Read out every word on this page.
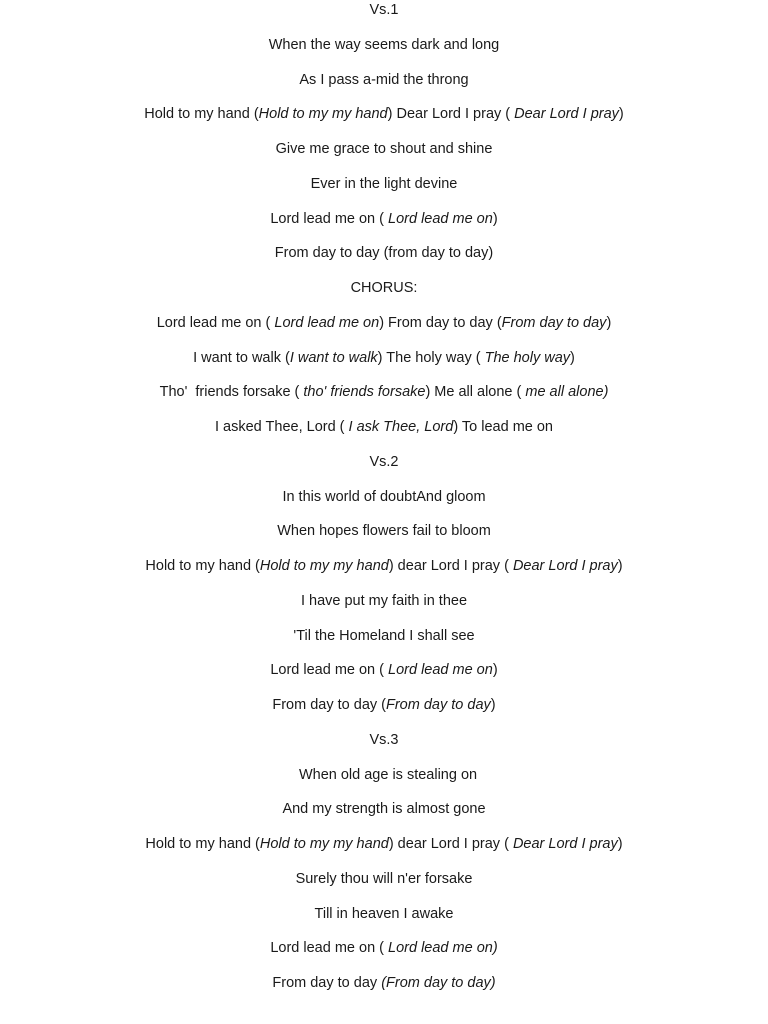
Vs.1
When the way seems dark and long
As I pass a-mid the throng
Hold to my hand (Hold to my my hand) Dear Lord I pray ( Dear Lord I pray)
Give me grace to shout and shine
Ever in the light devine
Lord lead me on ( Lord lead me on)
From day to day (from day to day)
CHORUS:
Lord lead me on ( Lord lead me on) From day to day (From day to day)
I want to walk (I want to walk) The holy way ( The holy way)
Tho'  friends forsake ( tho' friends forsake) Me all alone ( me all alone)
I asked Thee, Lord ( I ask Thee, Lord) To lead me on
Vs.2
In this world of doubtAnd gloom
When hopes flowers fail to bloom
Hold to my hand (Hold to my my hand) dear Lord I pray ( Dear Lord I pray)
I have put my faith in thee
'Til the Homeland I shall see
Lord lead me on ( Lord lead me on)
From day to day (From day to day)
Vs.3
When old age is stealing on
And my strength is almost gone
Hold to my hand (Hold to my my hand) dear Lord I pray ( Dear Lord I pray)
Surely thou will n'er forsake
Till in heaven I awake
Lord lead me on ( Lord lead me on)
From day to day (From day to day)
